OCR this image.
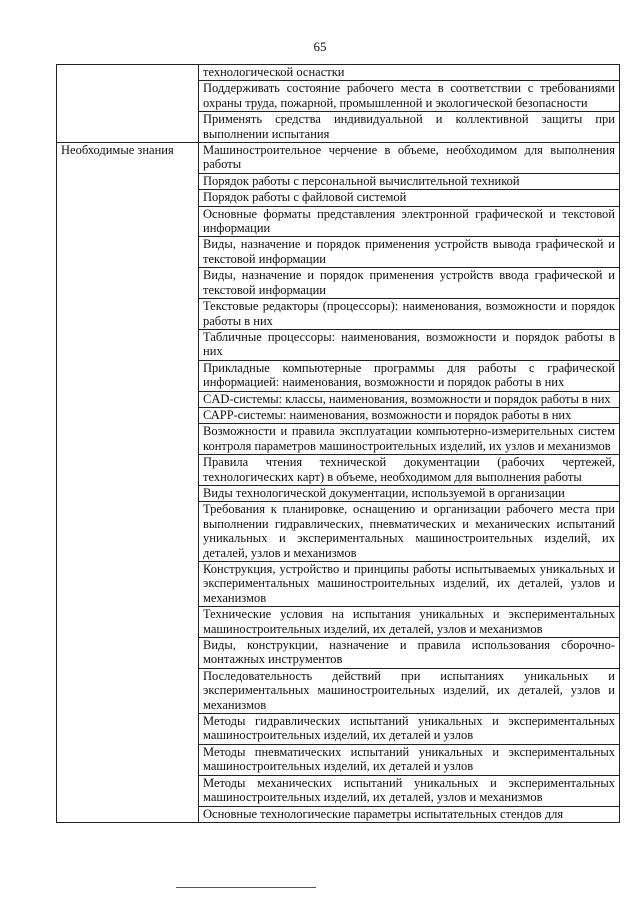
65
	технологической оснастки
	Поддерживать состояние рабочего места в соответствии с требованиями охраны труда, пожарной, промышленной и экологической безопасности
	Применять средства индивидуальной и коллективной защиты при выполнении испытания
Необходимые знания	Машиностроительное черчение в объеме, необходимом для выполнения работы
	Порядок работы с персональной вычислительной техникой
	Порядок работы с файловой системой
	Основные форматы представления электронной графической и текстовой информации
	Виды, назначение и порядок применения устройств вывода графической и текстовой информации
	Виды, назначение и порядок применения устройств ввода графической и текстовой информации
	Текстовые редакторы (процессоры): наименования, возможности и порядок работы в них
	Табличные процессоры: наименования, возможности и порядок работы в них
	Прикладные компьютерные программы для работы с графической информацией: наименования, возможности и порядок работы в них
	CAD-системы: классы, наименования, возможности и порядок работы в них
	САРР-системы: наименования, возможности и порядок работы в них
	Возможности и правила эксплуатации компьютерно-измерительных систем контроля параметров машиностроительных изделий, их узлов и механизмов
	Правила чтения технической документации (рабочих чертежей, технологических карт) в объеме, необходимом для выполнения работы
	Виды технологической документации, используемой в организации
	Требования к планировке, оснащению и организации рабочего места при выполнении гидравлических, пневматических и механических испытаний уникальных и экспериментальных машиностроительных изделий, их деталей, узлов и механизмов
	Конструкция, устройство и принципы работы испытываемых уникальных и экспериментальных машиностроительных изделий, их деталей, узлов и механизмов
	Технические условия на испытания уникальных и экспериментальных машиностроительных изделий, их деталей, узлов и механизмов
	Виды, конструкции, назначение и правила использования сборочно-монтажных инструментов
	Последовательность действий при испытаниях уникальных и экспериментальных машиностроительных изделий, их деталей, узлов и механизмов
	Методы гидравлических испытаний уникальных и экспериментальных машиностроительных изделий, их деталей и узлов
	Методы пневматических испытаний уникальных и экспериментальных машиностроительных изделий, их деталей и узлов
	Методы механических испытаний уникальных и экспериментальных машиностроительных изделий, их деталей, узлов и механизмов
	Основные технологические параметры испытательных стендов для
